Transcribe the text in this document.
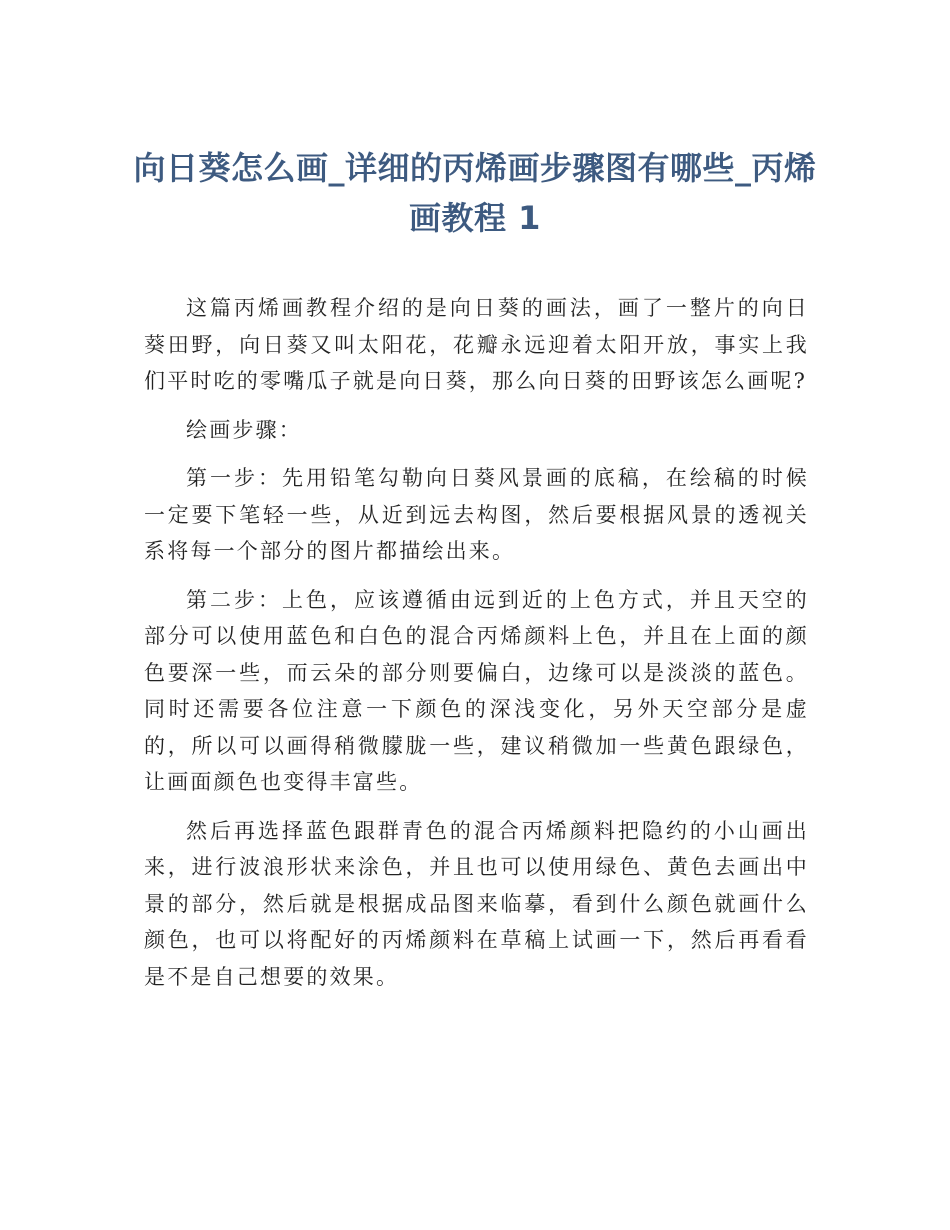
向日葵怎么画_详细的丙烯画步骤图有哪些_丙烯画教程 1

这篇丙烯画教程介绍的是向日葵的画法，画了一整片的向日葵田野，向日葵又叫太阳花，花瓣永远迎着太阳开放，事实上我们平时吃的零嘴瓜子就是向日葵，那么向日葵的田野该怎么画呢?

绘画步骤：

第一步：先用铅笔勾勒向日葵风景画的底稿，在绘稿的时候一定要下笔轻一些，从近到远去构图，然后要根据风景的透视关系将每一个部分的图片都描绘出来。

第二步：上色，应该遵循由远到近的上色方式，并且天空的部分可以使用蓝色和白色的混合丙烯颜料上色，并且在上面的颜色要深一些，而云朵的部分则要偏白，边缘可以是淡淡的蓝色。同时还需要各位注意一下颜色的深浅变化，另外天空部分是虚的，所以可以画得稍微朦胧一些，建议稍微加一些黄色跟绿色，让画面颜色也变得丰富些。

然后再选择蓝色跟群青色的混合丙烯颜料把隐约的小山画出来，进行波浪形状来涂色，并且也可以使用绿色、黄色去画出中景的部分，然后就是根据成品图来临摹，看到什么颜色就画什么颜色，也可以将配好的丙烯颜料在草稿上试画一下，然后再看看是不是自己想要的效果。
